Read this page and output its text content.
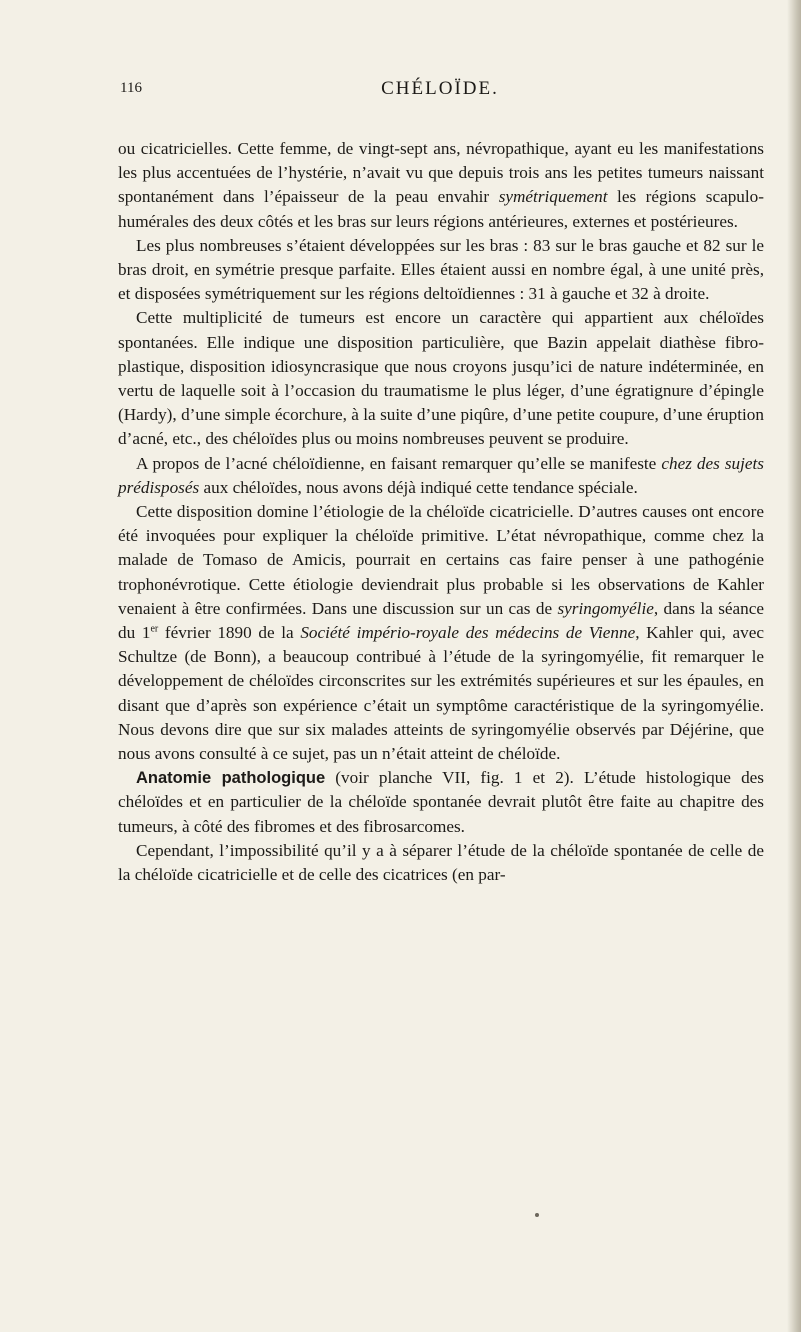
116	CHÉLOÏDE.

ou cicatricielles. Cette femme, de vingt-sept ans, névropathique, ayant eu les manifestations les plus accentuées de l’hystérie, n’avait vu que depuis trois ans les petites tumeurs naissant spontanément dans l’épaisseur de la peau envahir symétriquement les régions scapulo-humérales des deux côtés et les bras sur leurs régions antérieures, externes et postérieures.

Les plus nombreuses s’étaient développées sur les bras : 83 sur le bras gauche et 82 sur le bras droit, en symétrie presque parfaite. Elles étaient aussi en nombre égal, à une unité près, et disposées symétriquement sur les régions deltoïdiennes : 31 à gauche et 32 à droite.

Cette multiplicité de tumeurs est encore un caractère qui appartient aux chéloïdes spontanées. Elle indique une disposition particulière, que Bazin appelait diathèse fibro-plastique, disposition idiosyncrasique que nous croyons jusqu’ici de nature indéterminée, en vertu de laquelle soit à l’occasion du traumatisme le plus léger, d’une égratignure d’épingle (Hardy), d’une simple écorchure, à la suite d’une piqûre, d’une petite coupure, d’une éruption d’acné, etc., des chéloïdes plus ou moins nombreuses peuvent se produire.

A propos de l’acné chéloïdienne, en faisant remarquer qu’elle se manifeste chez des sujets prédisposés aux chéloïdes, nous avons déjà indiqué cette tendance spéciale.

Cette disposition domine l’étiologie de la chéloïde cicatricielle. D’autres causes ont encore été invoquées pour expliquer la chéloïde primitive. L’état névropathique, comme chez la malade de Tomaso de Amicis, pourrait en certains cas faire penser à une pathogénie trophonévrotique. Cette étiologie deviendrait plus probable si les observations de Kahler venaient à être confirmées. Dans une discussion sur un cas de syringomyélie, dans la séance du 1er février 1890 de la Société império-royale des médecins de Vienne, Kahler qui, avec Schultze (de Bonn), a beaucoup contribué à l’étude de la syringomyélie, fit remarquer le développement de chéloïdes circonscrites sur les extrémités supérieures et sur les épaules, en disant que d’après son expérience c’était un symptôme caractéristique de la syringomyélie. Nous devons dire que sur six malades atteints de syringomyélie observés par Déjérine, que nous avons consulté à ce sujet, pas un n’était atteint de chéloïde.

Anatomie pathologique (voir planche VII, fig. 1 et 2). L’étude histologique des chéloïdes et en particulier de la chéloïde spontanée devrait plutôt être faite au chapitre des tumeurs, à côté des fibromes et des fibrosarcomes.

Cependant, l’impossibilité qu’il y a à séparer l’étude de la chéloïde spontanée de celle de la chéloïde cicatricielle et de celle des cicatrices (en par-
